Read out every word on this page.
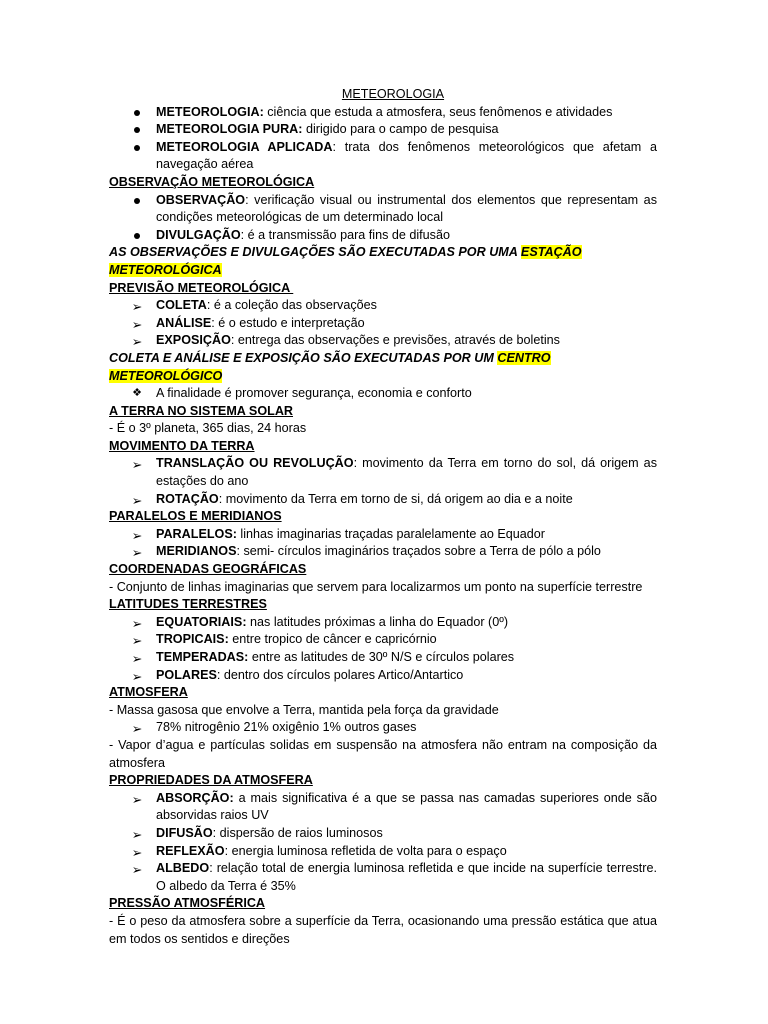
METEOROLOGIA
METEOROLOGIA: ciência que estuda a atmosfera, seus fenômenos e atividades
METEOROLOGIA PURA: dirigido para o campo de pesquisa
METEOROLOGIA APLICADA: trata dos fenômenos meteorológicos que afetam a navegação aérea
OBSERVAÇÃO METEOROLÓGICA
OBSERVAÇÃO: verificação visual ou instrumental dos elementos que representam as condições meteorológicas de um determinado local
DIVULGAÇÃO: é a transmissão para fins de difusão
AS OBSERVAÇÕES E DIVULGAÇÕES SÃO EXECUTADAS POR UMA ESTAÇÃO METEOROLÓGICA
PREVISÃO METEOROLÓGICA
➢ COLETA: é a coleção das observações
➢ ANÁLISE: é o estudo e interpretação
➢ EXPOSIÇÃO: entrega das observações e previsões, através de boletins
COLETA E ANÁLISE E EXPOSIÇÃO SÃO EXECUTADAS POR UM CENTRO METEOROLÓGICO
❖ A finalidade é promover segurança, economia e conforto
A TERRA NO SISTEMA SOLAR
- É o 3º planeta, 365 dias, 24 horas
MOVIMENTO DA TERRA
➢ TRANSLAÇÃO OU REVOLUÇÃO: movimento da Terra em torno do sol, dá origem as estações do ano
➢ ROTAÇÃO: movimento da Terra em torno de si, dá origem ao dia e a noite
PARALELOS E MERIDIANOS
➢ PARALELOS: linhas imaginarias traçadas paralelamente ao Equador
➢ MERIDIANOS: semi- círculos imaginários traçados sobre a Terra de pólo a pólo
COORDENADAS GEOGRÁFICAS
- Conjunto de linhas imaginarias que servem para localizarmos um ponto na superfície terrestre
LATITUDES TERRESTRES
➢ EQUATORIAIS: nas latitudes próximas a linha do Equador (0º)
➢ TROPICAIS: entre tropico de câncer e capricórnio
➢ TEMPERADAS: entre as latitudes de 30º N/S e círculos polares
➢ POLARES: dentro dos círculos polares Artico/Antartico
ATMOSFERA
- Massa gasosa que envolve a Terra, mantida pela força da gravidade
➢ 78% nitrogênio 21% oxigênio 1% outros gases
- Vapor d’agua e partículas solidas em suspensão na atmosfera não entram na composição da atmosfera
PROPRIEDADES DA ATMOSFERA
➢ ABSORÇÃO: a mais significativa é a que se passa nas camadas superiores onde são absorvidas raios UV
➢ DIFUSÃO: dispersão de raios luminosos
➢ REFLEXÃO: energia luminosa refletida de volta para o espaço
➢ ALBEDO: relação total de energia luminosa refletida e que incide na superfície terrestre. O albedo da Terra é 35%
PRESSÃO ATMOSFÉRICA
- É o peso da atmosfera sobre a superfície da Terra, ocasionando uma pressão estática que atua em todos os sentidos e direções
